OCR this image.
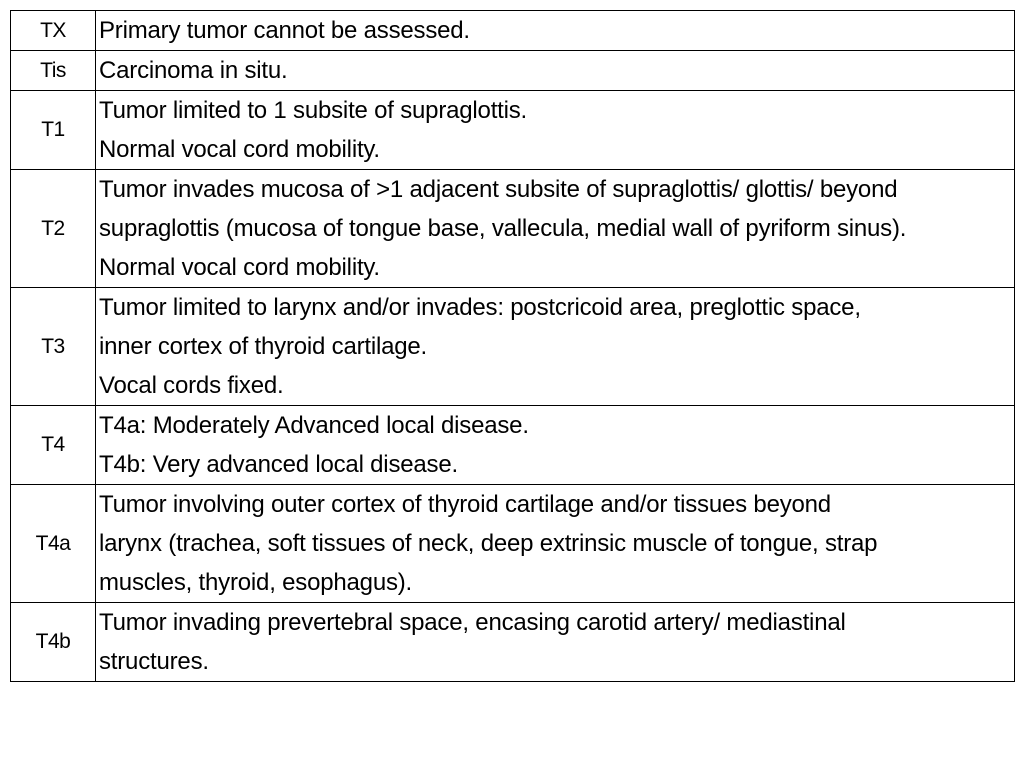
TX	Primary tumor cannot be assessed.

Tis	Carcinoma in situ.

T1	Tumor limited to 1 subsite of supraglottis.
Normal vocal cord mobility.

T2	Tumor invades mucosa of >1 adjacent subsite of supraglottis/ glottis/ beyond
supraglottis (mucosa of tongue base, vallecula, medial wall of pyriform sinus).
Normal vocal cord mobility.

T3	Tumor limited to larynx and/or invades: postcricoid area, preglottic space,
inner cortex of thyroid cartilage.
Vocal cords fixed.

T4	T4a: Moderately Advanced local disease.
T4b: Very advanced local disease.

T4a	Tumor involving outer cortex of thyroid cartilage and/or tissues beyond
larynx (trachea, soft tissues of neck, deep extrinsic muscle of tongue, strap
muscles, thyroid, esophagus).

T4b	Tumor invading prevertebral space, encasing carotid artery/ mediastinal
structures.
